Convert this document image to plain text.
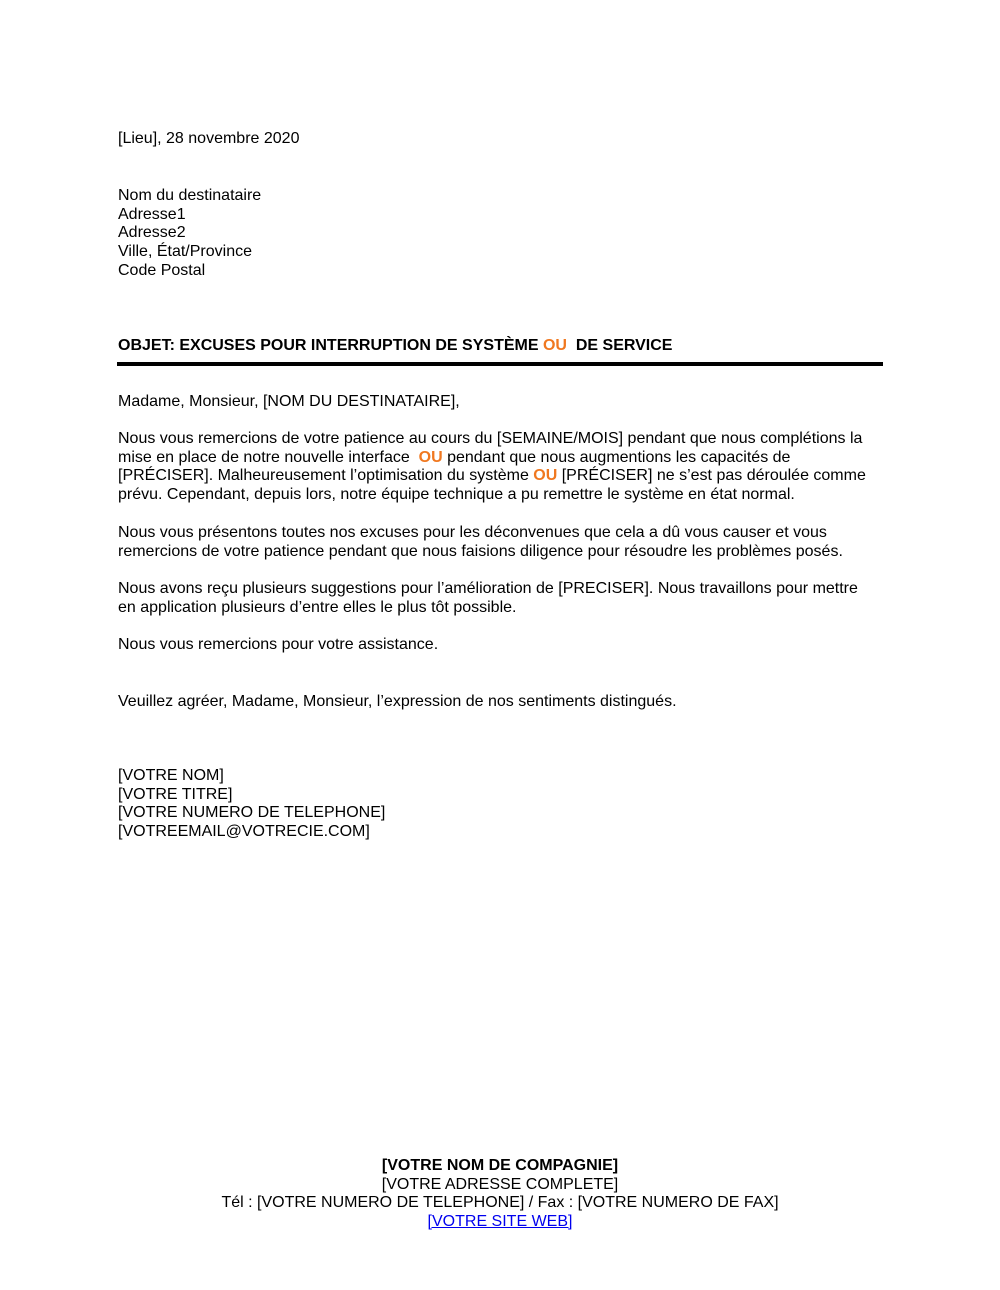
[Lieu], 28 novembre 2020
Nom du destinataire
Adresse1
Adresse2
Ville, État/Province
Code Postal
OBJET: EXCUSES POUR INTERRUPTION DE SYSTÈME OU  DE SERVICE
Madame, Monsieur, [NOM DU DESTINATAIRE],
Nous vous remercions de votre patience au cours du [SEMAINE/MOIS] pendant que nous complétions la
mise en place de notre nouvelle interface  OU pendant que nous augmentions les capacités de
[PRÉCISER]. Malheureusement l’optimisation du système OU [PRÉCISER] ne s’est pas déroulée comme
prévu. Cependant, depuis lors, notre équipe technique a pu remettre le système en état normal.
Nous vous présentons toutes nos excuses pour les déconvenues que cela a dû vous causer et vous
remercions de votre patience pendant que nous faisions diligence pour résoudre les problèmes posés.
Nous avons reçu plusieurs suggestions pour l’amélioration de [PRECISER]. Nous travaillons pour mettre
en application plusieurs d’entre elles le plus tôt possible.
Nous vous remercions pour votre assistance.
Veuillez agréer, Madame, Monsieur, l’expression de nos sentiments distingués.
[VOTRE NOM]
[VOTRE TITRE]
[VOTRE NUMERO DE TELEPHONE]
[VOTREEMAIL@VOTRECIE.COM]
[VOTRE NOM DE COMPAGNIE]
[VOTRE ADRESSE COMPLETE]
Tél : [VOTRE NUMERO DE TELEPHONE] / Fax : [VOTRE NUMERO DE FAX]
[VOTRE SITE WEB]
